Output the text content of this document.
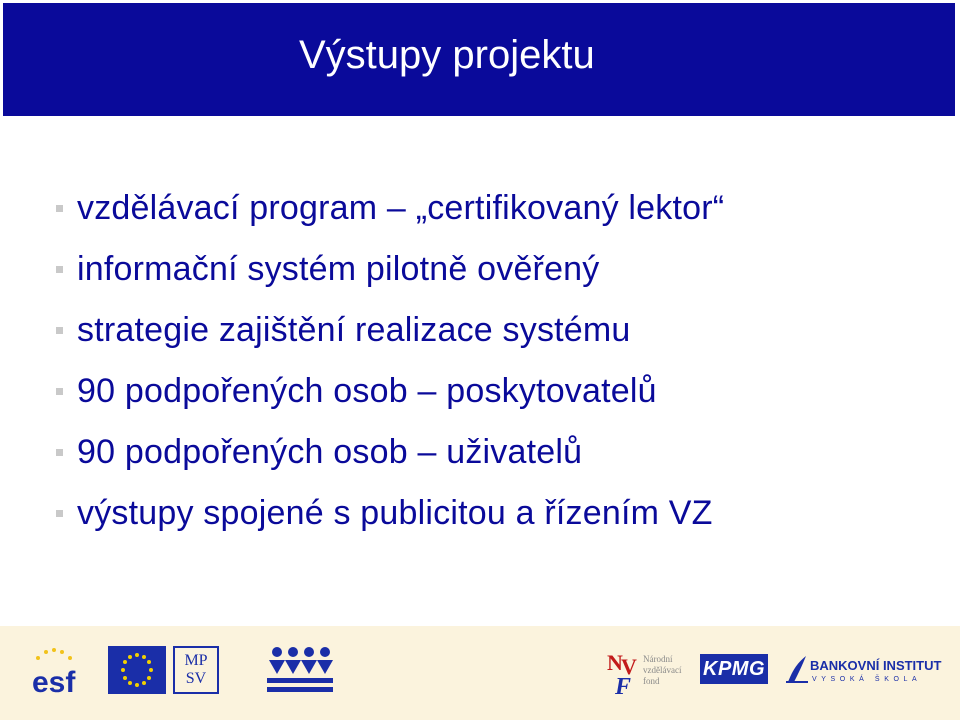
Výstupy projektu
vzdělávací program – „certifikovaný lektor“
informační systém pilotně ověřený
strategie zajištění realizace systému
90 podpořených osob – poskytovatelů
90 podpořených osob – uživatelů
výstupy spojené s publicitou a řízením VZ
esf
MP
SV
N
V
F
Národní
vzdělávací
fond
KPMG	BANKOVNÍ INSTITUT
VYSOKÁ ŠKOLA
